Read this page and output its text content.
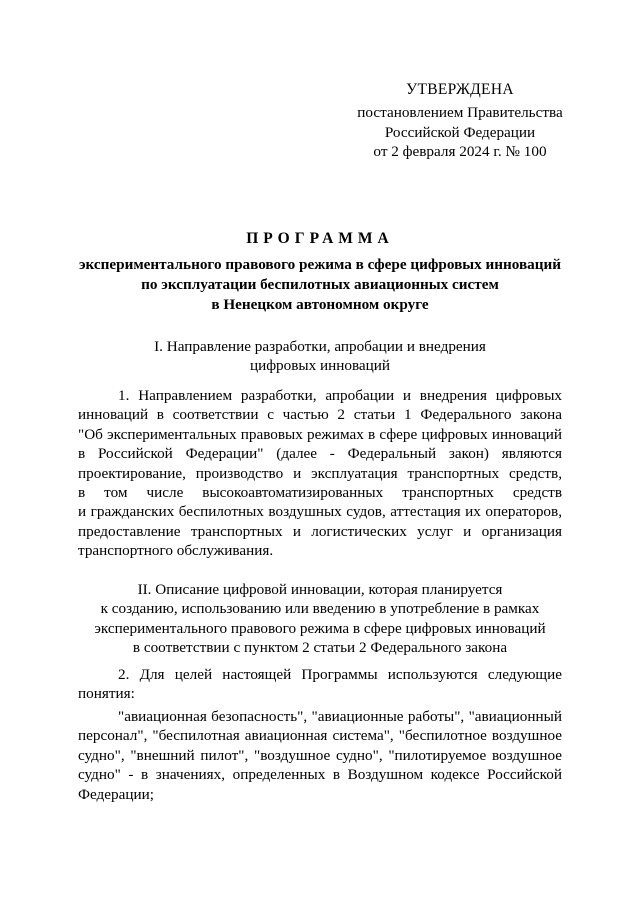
УТВЕРЖДЕНА
постановлением Правительства
Российской Федерации
от 2 февраля 2024 г. № 100
ПРОГРАММА
экспериментального правового режима в сфере цифровых инноваций
по эксплуатации беспилотных авиационных систем
в Ненецком автономном округе
I. Направление разработки, апробации и внедрения
цифровых инноваций
1. Направлением разработки, апробации и внедрения цифровых
инноваций в соответствии с частью 2 статьи 1 Федерального закона
"Об экспериментальных правовых режимах в сфере цифровых инноваций
в Российской Федерации" (далее - Федеральный закон) являются
проектирование, производство и эксплуатация транспортных средств,
в том числе высокоавтоматизированных транспортных средств
и гражданских беспилотных воздушных судов, аттестация их операторов,
предоставление транспортных и логистических услуг и организация
транспортного обслуживания.
II. Описание цифровой инновации, которая планируется
к созданию, использованию или введению в употребление в рамках
экспериментального правового режима в сфере цифровых инноваций
в соответствии с пунктом 2 статьи 2 Федерального закона
2. Для целей настоящей Программы используются следующие
понятия:
"авиационная безопасность", "авиационные работы", "авиационный
персонал", "беспилотная авиационная система", "беспилотное воздушное
судно", "внешний пилот", "воздушное судно", "пилотируемое воздушное
судно" - в значениях, определенных в Воздушном кодексе Российской
Федерации;
